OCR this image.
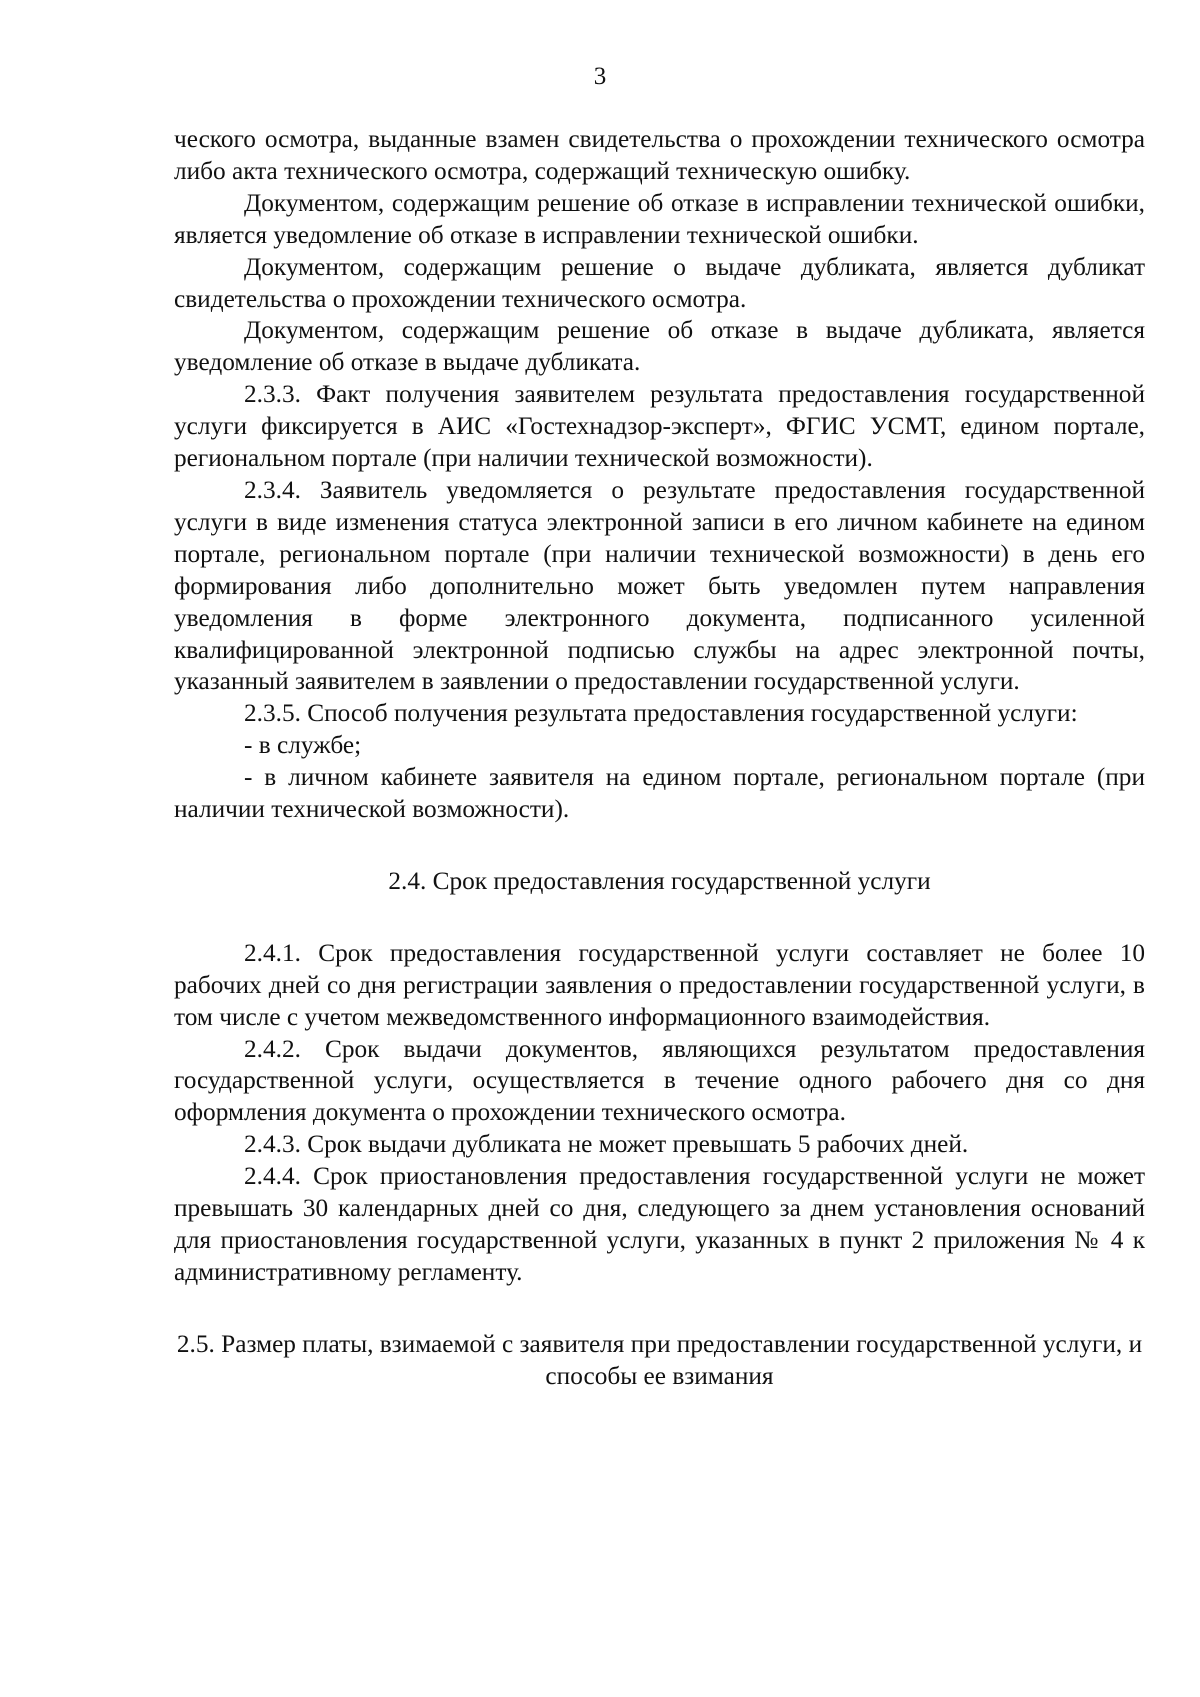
3

ческого осмотра, выданные взамен свидетельства о прохождении технического осмотра либо акта технического осмотра, содержащий техническую ошибку.

Документом, содержащим решение об отказе в исправлении технической ошибки, является уведомление об отказе в исправлении технической ошибки.

Документом, содержащим решение о выдаче дубликата, является дубликат свидетельства о прохождении технического осмотра.

Документом, содержащим решение об отказе в выдаче дубликата, является уведомление об отказе в выдаче дубликата.

2.3.3. Факт получения заявителем результата предоставления государственной услуги фиксируется в АИС «Гостехнадзор-эксперт», ФГИС УСМТ, едином портале, региональном портале (при наличии технической возможности).

2.3.4. Заявитель уведомляется о результате предоставления государственной услуги в виде изменения статуса электронной записи в его личном кабинете на едином портале, региональном портале (при наличии технической возможности) в день его формирования либо дополнительно может быть уведомлен путем направления уведомления в форме электронного документа, подписанного усиленной квалифицированной электронной подписью службы на адрес электронной почты, указанный заявителем в заявлении о предоставлении государственной услуги.

2.3.5. Способ получения результата предоставления государственной услуги:

- в службе;

- в личном кабинете заявителя на едином портале, региональном портале (при наличии технической возможности).

2.4. Срок предоставления государственной услуги

2.4.1. Срок предоставления государственной услуги составляет не более 10 рабочих дней со дня регистрации заявления о предоставлении государственной услуги, в том числе с учетом межведомственного информационного взаимодействия.

2.4.2. Срок выдачи документов, являющихся результатом предоставления государственной услуги, осуществляется в течение одного рабочего дня со дня оформления документа о прохождении технического осмотра.

2.4.3. Срок выдачи дубликата не может превышать 5 рабочих дней.

2.4.4. Срок приостановления предоставления государственной услуги не может превышать 30 календарных дней со дня, следующего за днем установления оснований для приостановления государственной услуги, указанных в пункт 2 приложения № 4 к административному регламенту.

2.5. Размер платы, взимаемой с заявителя при предоставлении государственной услуги, и способы ее взимания
